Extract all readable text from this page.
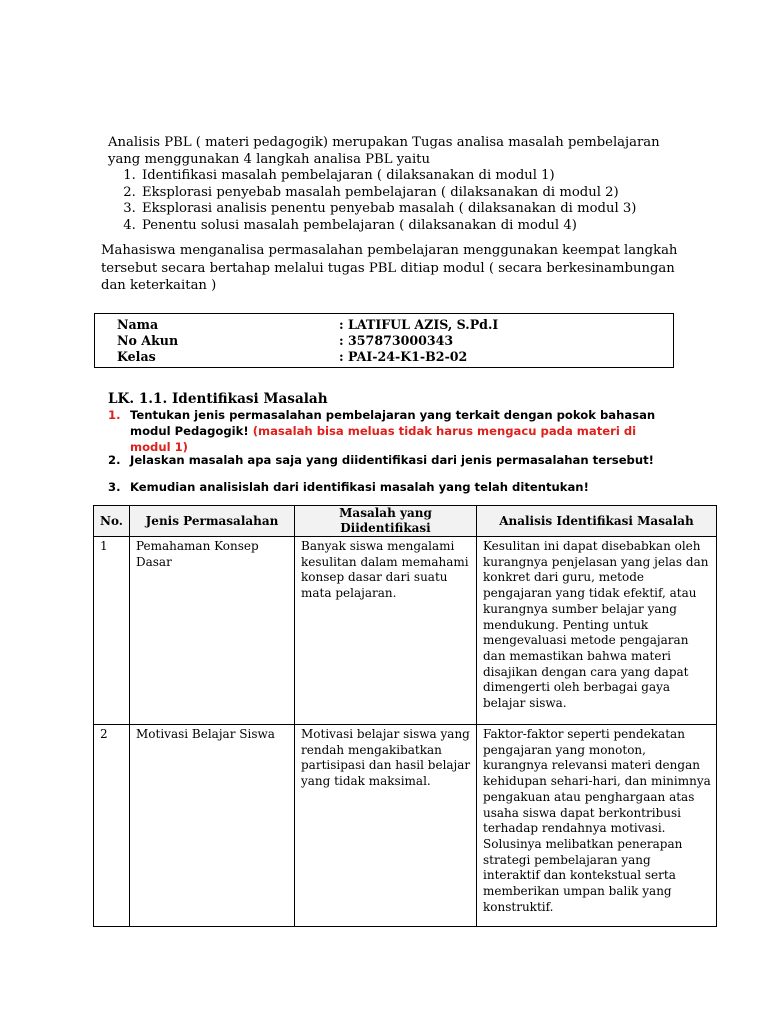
Analisis PBL ( materi pedagogik) merupakan Tugas analisa masalah pembelajaran

yang menggunakan 4 langkah analisa PBL yaitu

1. Identifikasi masalah pembelajaran ( dilaksanakan di modul 1)
2. Eksplorasi penyebab masalah pembelajaran ( dilaksanakan di modul 2)
3. Eksplorasi analisis penentu penyebab masalah ( dilaksanakan di modul 3)
4. Penentu solusi masalah pembelajaran ( dilaksanakan di modul 4)

Mahasiswa menganalisa permasalahan pembelajaran menggunakan keempat langkah tersebut secara bertahap melalui tugas PBL ditiap modul ( secara berkesinambungan dan keterkaitan )

Nama	: LATIFUL AZIS, S.Pd.I
No Akun	: 357873000343
Kelas	: PAI-24-K1-B2-02
LK. 1.1. Identifikasi Masalah
1. Tentukan jenis permasalahan pembelajaran yang terkait dengan pokok bahasan modul Pedagogik! (masalah bisa meluas tidak harus mengacu pada materi di modul 1)
2. Jelaskan masalah apa saja yang diidentifikasi dari jenis permasalahan tersebut!
3. Kemudian analisislah dari identifikasi masalah yang telah ditentukan!
No.	Jenis Permasalahan	Masalah yang Diidentifikasi	Analisis Identifikasi Masalah
1	Pemahaman Konsep Dasar	Banyak siswa mengalami kesulitan dalam memahami konsep dasar dari suatu mata pelajaran.	Kesulitan ini dapat disebabkan oleh kurangnya penjelasan yang jelas dan konkret dari guru, metode pengajaran yang tidak efektif, atau kurangnya sumber belajar yang mendukung. Penting untuk mengevaluasi metode pengajaran dan memastikan bahwa materi disajikan dengan cara yang dapat dimengerti oleh berbagai gaya belajar siswa.
2	Motivasi Belajar Siswa	Motivasi belajar siswa yang rendah mengakibatkan partisipasi dan hasil belajar yang tidak maksimal.	Faktor-faktor seperti pendekatan pengajaran yang monoton, kurangnya relevansi materi dengan kehidupan sehari-hari, dan minimnya pengakuan atau penghargaan atas usaha siswa dapat berkontribusi terhadap rendahnya motivasi. Solusinya melibatkan penerapan strategi pembelajaran yang interaktif dan kontekstual serta memberikan umpan balik yang konstruktif.
